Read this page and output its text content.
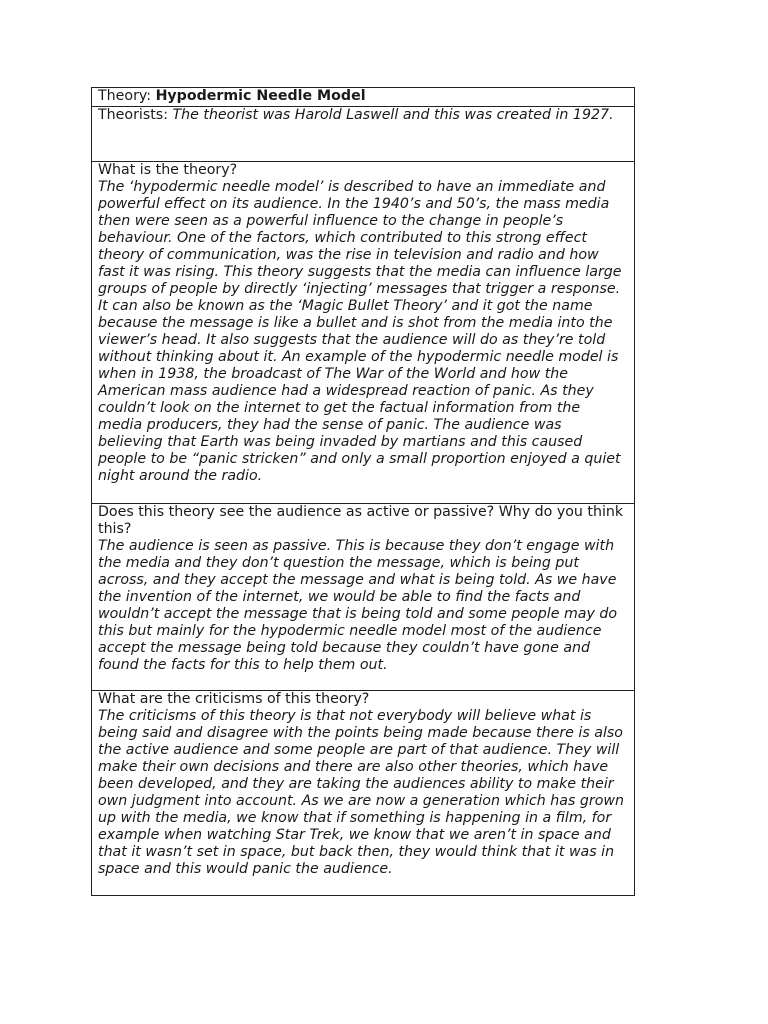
Theory: Hypodermic Needle Model
Theorists: The theorist was Harold Laswell and this was created in 1927.

What is the theory?
The ‘hypodermic needle model’ is described to have an immediate and powerful effect on its audience. In the 1940’s and 50’s, the mass media then were seen as a powerful influence to the change in people’s behaviour. One of the factors, which contributed to this strong effect theory of communication, was the rise in television and radio and how fast it was rising. This theory suggests that the media can influence large groups of people by directly ‘injecting’ messages that trigger a response. It can also be known as the ‘Magic Bullet Theory’ and it got the name because the message is like a bullet and is shot from the media into the viewer’s head. It also suggests that the audience will do as they’re told without thinking about it. An example of the hypodermic needle model is when in 1938, the broadcast of The War of the World and how the American mass audience had a widespread reaction of panic. As they couldn’t look on the internet to get the factual information from the media producers, they had the sense of panic. The audience was believing that Earth was being invaded by martians and this caused people to be “panic stricken” and only a small proportion enjoyed a quiet night around the radio.

Does this theory see the audience as active or passive? Why do you think this?
The audience is seen as passive. This is because they don’t engage with the media and they don’t question the message, which is being put across, and they accept the message and what is being told. As we have the invention of the internet, we would be able to find the facts and wouldn’t accept the message that is being told and some people may do this but mainly for the hypodermic needle model most of the audience accept the message being told because they couldn’t have gone and found the facts for this to help them out.

What are the criticisms of this theory?
The criticisms of this theory is that not everybody will believe what is being said and disagree with the points being made because there is also the active audience and some people are part of that audience. They will make their own decisions and there are also other theories, which have been developed, and they are taking the audiences ability to make their own judgment into account. As we are now a generation which has grown up with the media, we know that if something is happening in a film, for example when watching Star Trek, we know that we aren’t in space and that it wasn’t set in space, but back then, they would think that it was in space and this would panic the audience.
